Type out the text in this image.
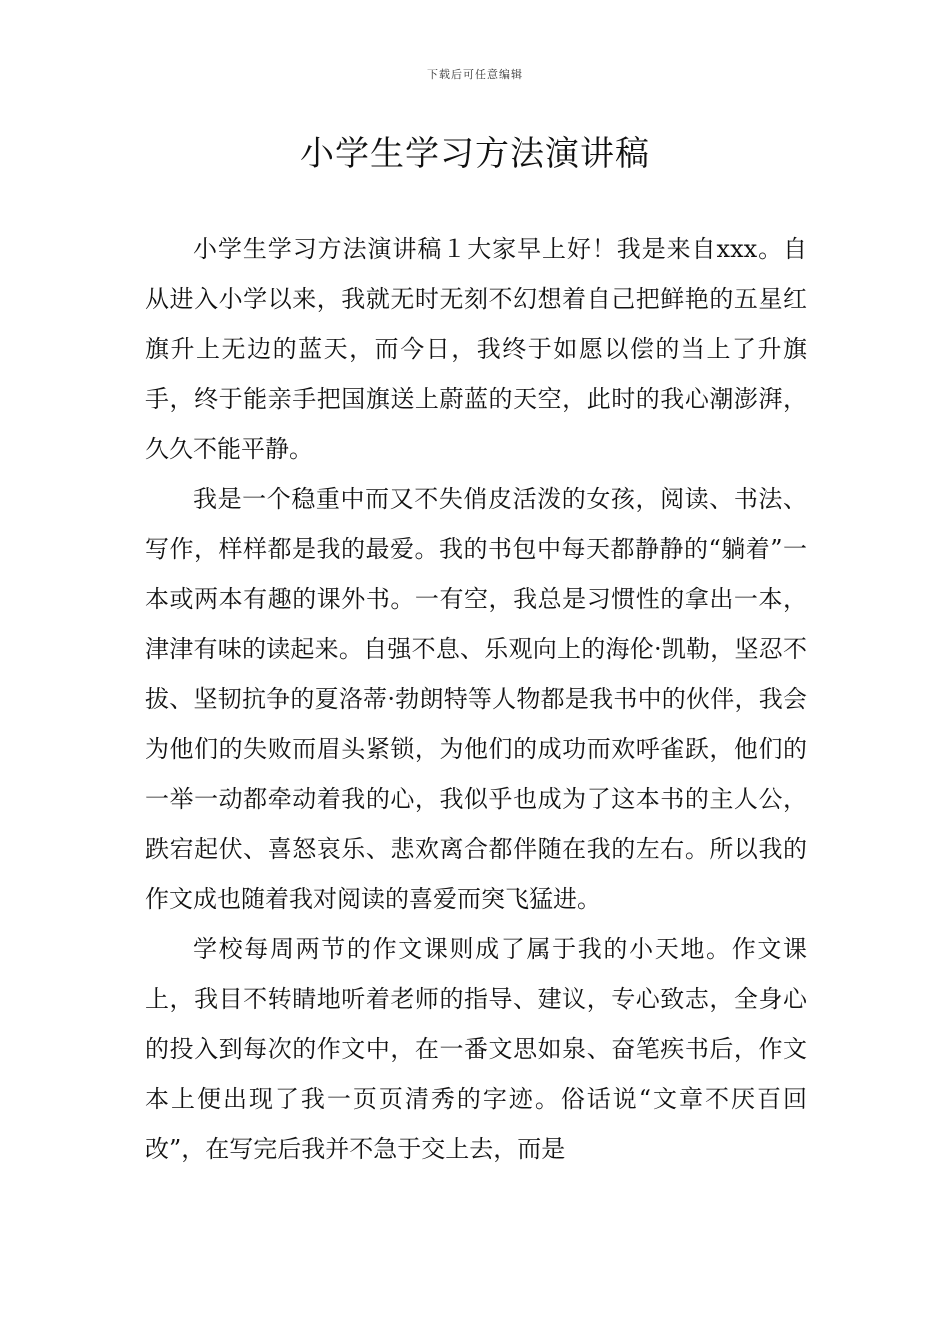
下载后可任意编辑
小学生学习方法演讲稿

小学生学习方法演讲稿１大家早上好！我是来自xxx。自从进入小学以来，我就无时无刻不幻想着自己把鲜艳的五星红旗升上无边的蓝天，而今日，我终于如愿以偿的当上了升旗手，终于能亲手把国旗送上蔚蓝的天空，此时的我心潮澎湃，久久不能平静。

我是一个稳重中而又不失俏皮活泼的女孩，阅读、书法、写作，样样都是我的最爱。我的书包中每天都静静的“躺着”一本或两本有趣的课外书。一有空，我总是习惯性的拿出一本，津津有味的读起来。自强不息、乐观向上的海伦·凯勒，坚忍不拔、坚韧抗争的夏洛蒂·勃朗特等人物都是我书中的伙伴，我会为他们的失败而眉头紧锁，为他们的成功而欢呼雀跃，他们的一举一动都牵动着我的心，我似乎也成为了这本书的主人公，跌宕起伏、喜怒哀乐、悲欢离合都伴随在我的左右。所以我的作文成也随着我对阅读的喜爱而突飞猛进。

学校每周两节的作文课则成了属于我的小天地。作文课上，我目不转睛地听着老师的指导、建议，专心致志，全身心的投入到每次的作文中，在一番文思如泉、奋笔疾书后，作文本上便出现了我一页页清秀的字迹。俗话说“文章不厌百回改”，在写完后我并不急于交上去，而是
